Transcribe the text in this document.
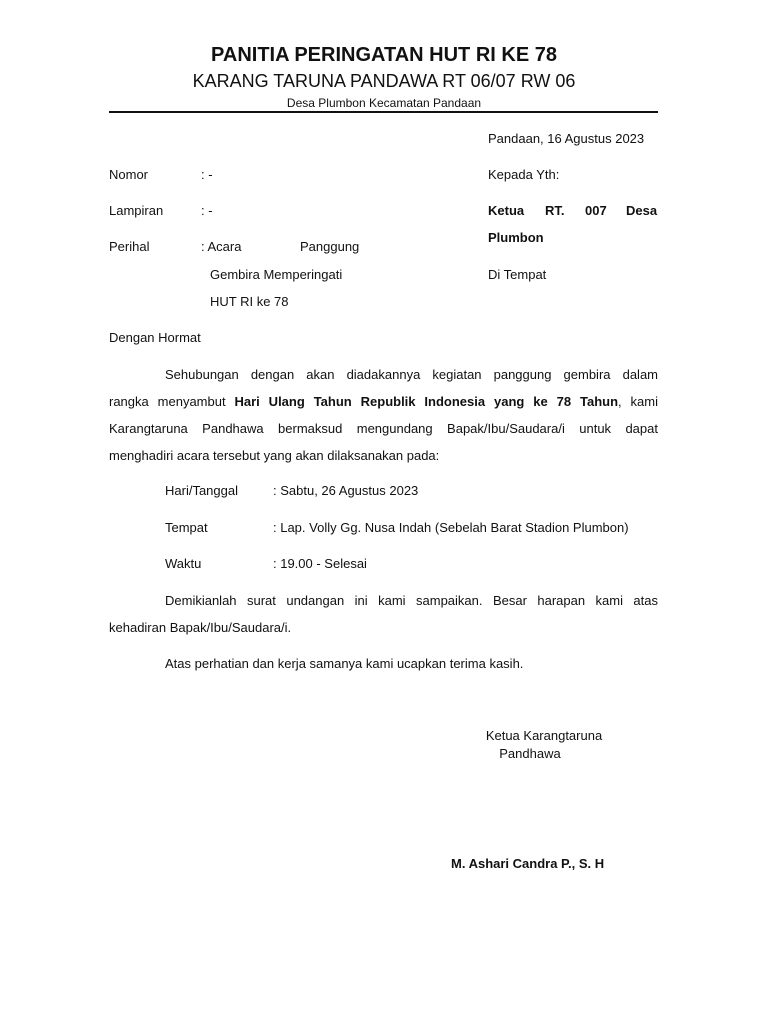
PANITIA PERINGATAN HUT RI KE 78
KARANG TARUNA PANDAWA RT 06/07 RW 06
Desa Plumbon Kecamatan Pandaan
Pandaan, 16 Agustus 2023
Nomor	: -
Lampiran	: -
Perihal	: Acara	Panggung
Gembira Memperingati
HUT RI ke 78
Kepada Yth:
Ketua RT. 007 Desa
Plumbon
Di Tempat
Dengan Hormat
Sehubungan dengan akan diadakannya kegiatan panggung gembira dalam
rangka menyambut Hari Ulang Tahun Republik Indonesia yang ke 78 Tahun, kami
Karangtaruna Pandhawa bermaksud mengundang Bapak/Ibu/Saudara/i untuk dapat
menghadiri acara tersebut yang akan dilaksanakan pada:
Hari/Tanggal	: Sabtu, 26 Agustus 2023
Tempat	: Lap. Volly Gg. Nusa Indah (Sebelah Barat Stadion Plumbon)
Waktu	: 19.00 - Selesai
Demikianlah surat undangan ini kami sampaikan. Besar harapan kami atas
kehadiran Bapak/Ibu/Saudara/i.
Atas perhatian dan kerja samanya kami ucapkan terima kasih.
Ketua Karangtaruna
Pandhawa
M. Ashari Candra P., S. H
